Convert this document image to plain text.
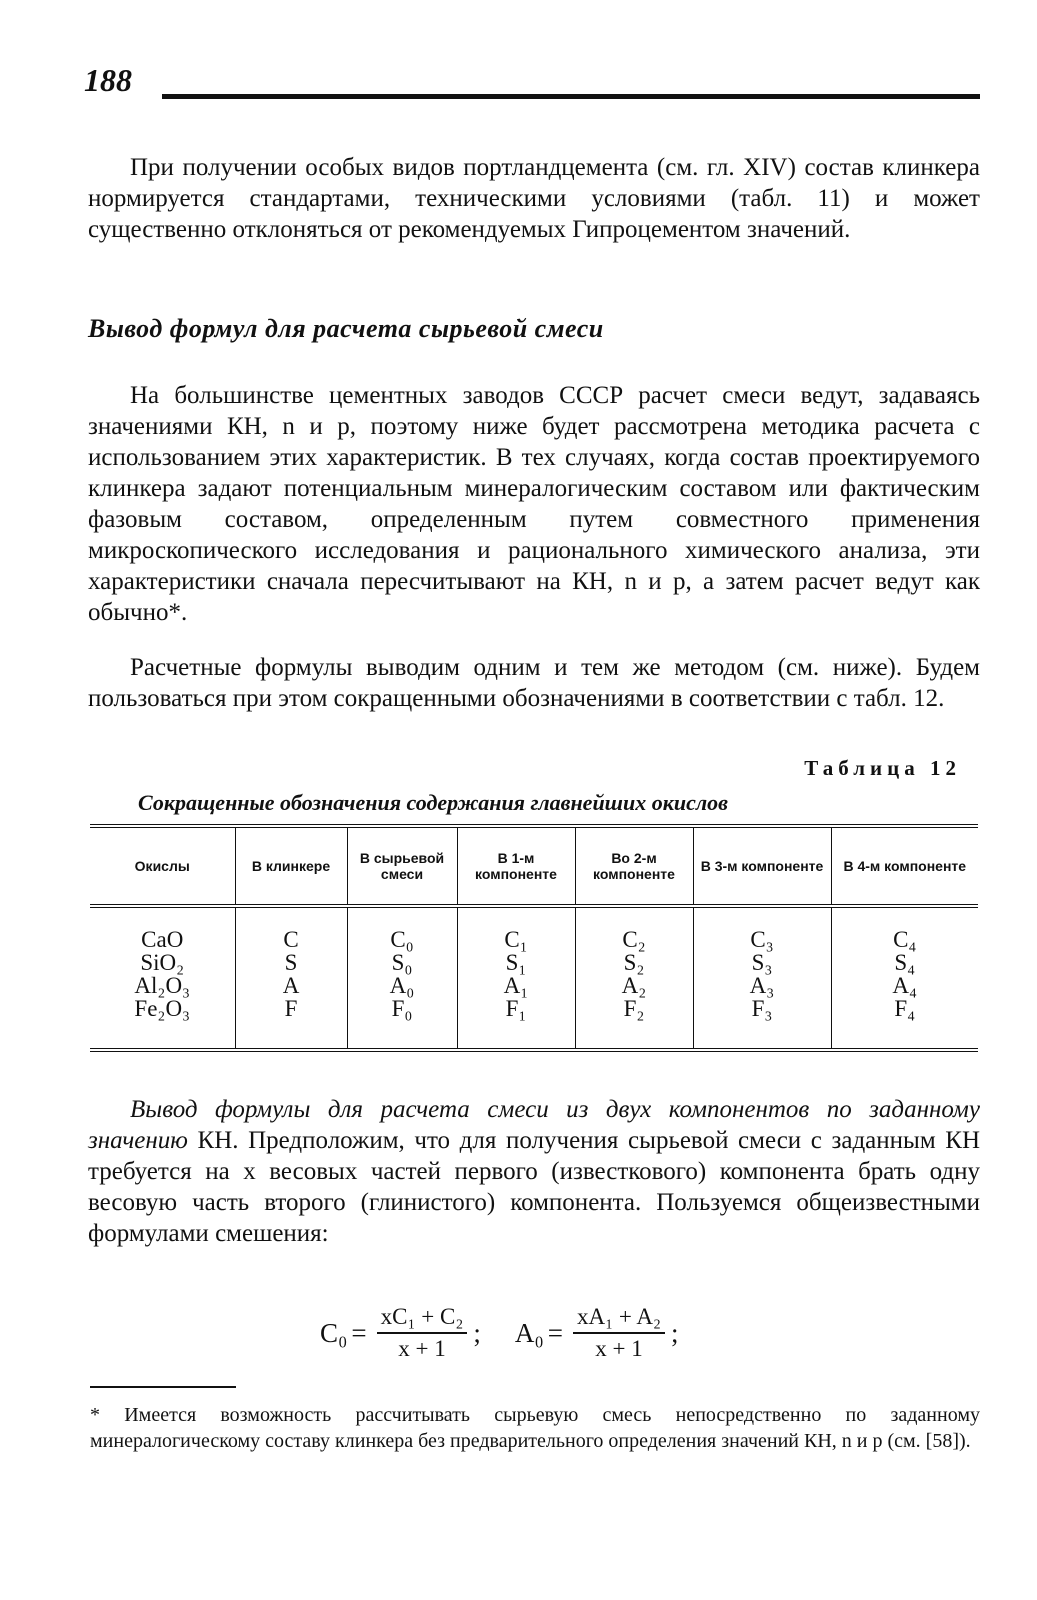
188

При получении особых видов портландцемента (см. гл. XIV) состав клинкера нормируется стандартами, техническими условиями (табл. 11) и может существенно отклоняться от рекомендуемых Гипроцементом значений.

Вывод формул для расчета сырьевой смеси

На большинстве цементных заводов СССР расчет смеси ведут, задаваясь значениями КН, n и p, поэтому ниже будет рассмотрена методика расчета с использованием этих характеристик. В тех случаях, когда состав проектируемого клинкера задают потенциальным минералогическим составом или фактическим фазовым составом, определенным путем совместного применения микроскопического исследования и рационального химического анализа, эти характеристики сначала пересчитывают на КН, n и p, а затем расчет ведут как обычно*.

Расчетные формулы выводим одним и тем же методом (см. ниже). Будем пользоваться при этом сокращенными обозначениями в соответствии с табл. 12.

Таблица 12
Сокращенные обозначения содержания главнейших окислов
Окислы	В клинкере	В сырьевой смеси	В 1-м компоненте	Во 2-м компоненте	В 3-м компоненте	В 4-м компоненте
CaO	C	C₀	C₁	C₂	C₃	C₄
SiO₂	S	S₀	S₁	S₂	S₃	S₄
Al₂O₃	A	A₀	A₁	A₂	A₃	A₄
Fe₂O₃	F	F₀	F₁	F₂	F₃	F₄

Вывод формулы для расчета смеси из двух компонентов по заданному значению КН. Предположим, что для получения сырьевой смеси с заданным КН требуется на x весовых частей первого (известкового) компонента брать одну весовую часть второго (глинистого) компонента. Пользуемся общеизвестными формулами смешения:

$C_0 = \frac{\text{xC₁ + C₂}}{x + 1}$ ; $A_0 = \frac{\text{xA₁ + A₂}}{x + 1}$ ;

* Имеется возможность рассчитывать сырьевую смесь непосредственно по заданному минералогическому составу клинкера без предварительного определения значений КН, n и p (см. [58]).
